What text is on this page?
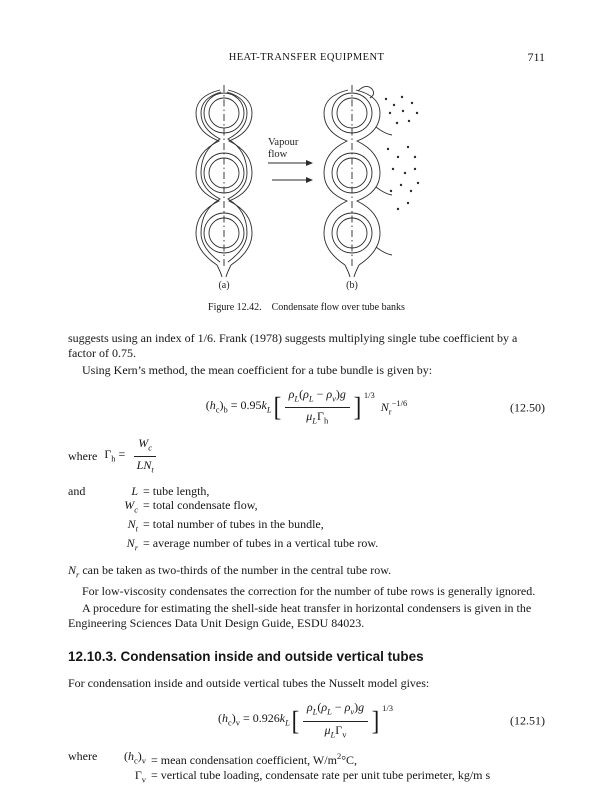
HEAT-TRANSFER EQUIPMENT	711
Vapour
flow
(a)	(b)
Figure 12.42. Condensate flow over tube banks

suggests using an index of 1/6. Frank (1978) suggests multiplying single tube coefficient by a factor of 0.75.

Using Kern’s method, the mean coefficient for a tube bundle is given by:

$(h_c)_b = 0.95k_L$ [ $\frac{\rho_L(\rho_L - \rho_v)g}{\mu_L\Gamma_h}$ ] 1/3
$N_r^{-1/6}$	(12.50)
where $\Gamma_h = \frac{W_c}{LN_t}$
and	L = tube length,
$W_c$ = total condensate flow,
$N_t$ = total number of tubes in the bundle,
$N_r$ = average number of tubes in a vertical tube row.

$N_r$ can be taken as two-thirds of the number in the central tube row.

For low-viscosity condensates the correction for the number of tube rows is generally ignored.

A procedure for estimating the shell-side heat transfer in horizontal condensers is given in the Engineering Sciences Data Unit Design Guide, ESDU 84023.

12.10.3. Condensation inside and outside vertical tubes

For condensation inside and outside vertical tubes the Nusselt model gives:

$(h_c)_v = 0.926k_L$ [ $\frac{\rho_L(\rho_L - \rho_v)g}{\mu_L\Gamma_v}$ ] 1/3
(12.51)
where	$(h_c)_v$ = mean condensation coefficient, $W/m^2^\circ C$,
$\Gamma_v$ = vertical tube loading, condensate rate per unit tube perimeter, kg/m s
